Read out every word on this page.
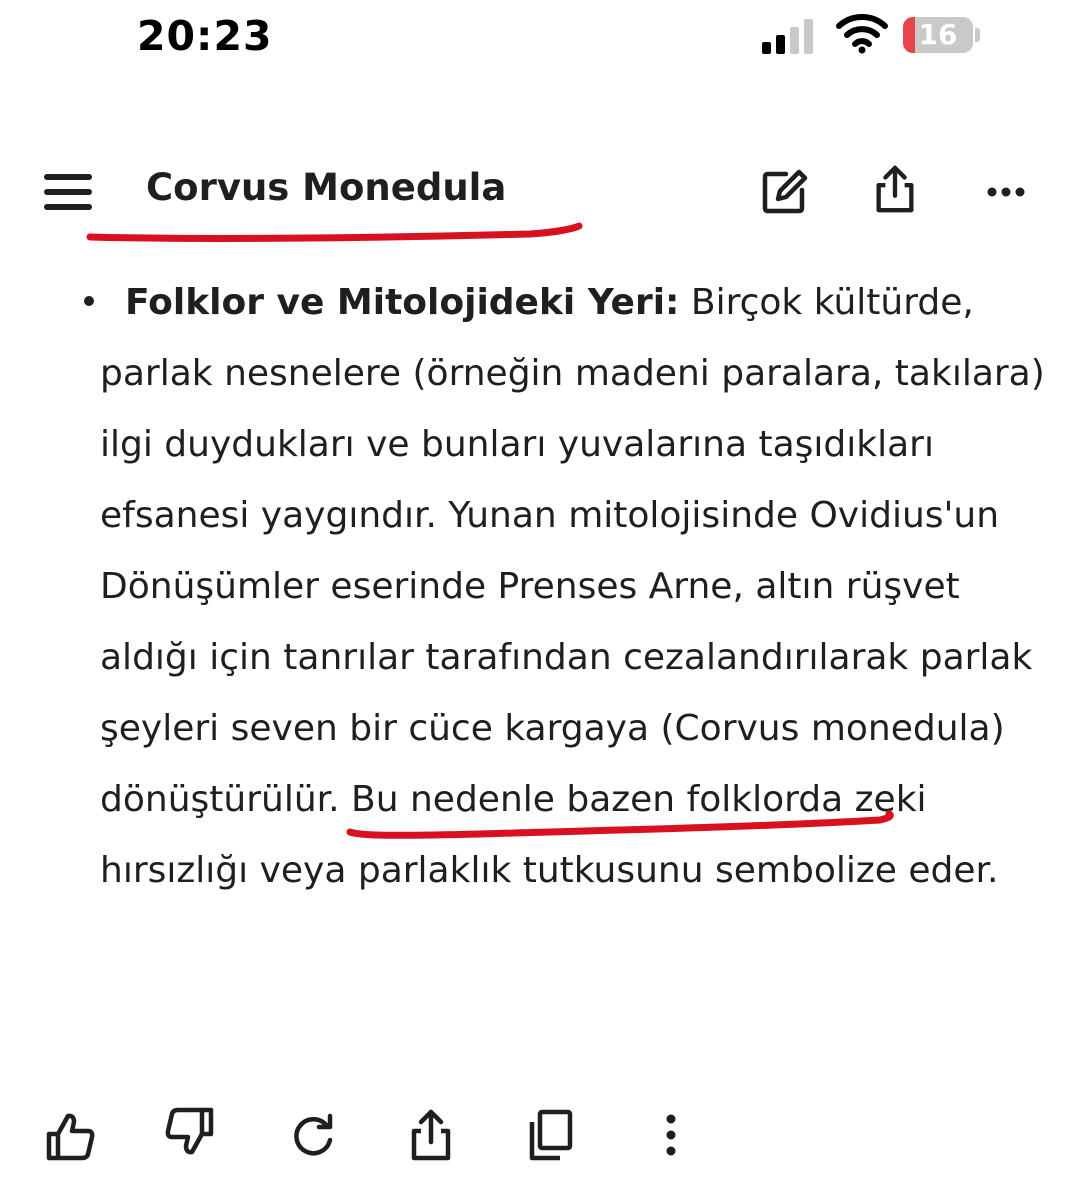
20:23	16
Corvus Monedula
Folklor ve Mitolojideki Yeri: Birçok kültürde, parlak nesnelere (örneğin madeni paralara, takılara) ilgi duydukları ve bunları yuvalarına taşıdıkları efsanesi yaygındır. Yunan mitolojisinde Ovidius'un Dönüşümler eserinde Prenses Arne, altın rüşvet aldığı için tanrılar tarafından cezalandırılarak parlak şeyleri seven bir cüce kargaya (Corvus monedula) dönüştürülür. Bu nedenle bazen folklorda zeki hırsızlığı veya parlaklık tutkusunu sembolize eder.
